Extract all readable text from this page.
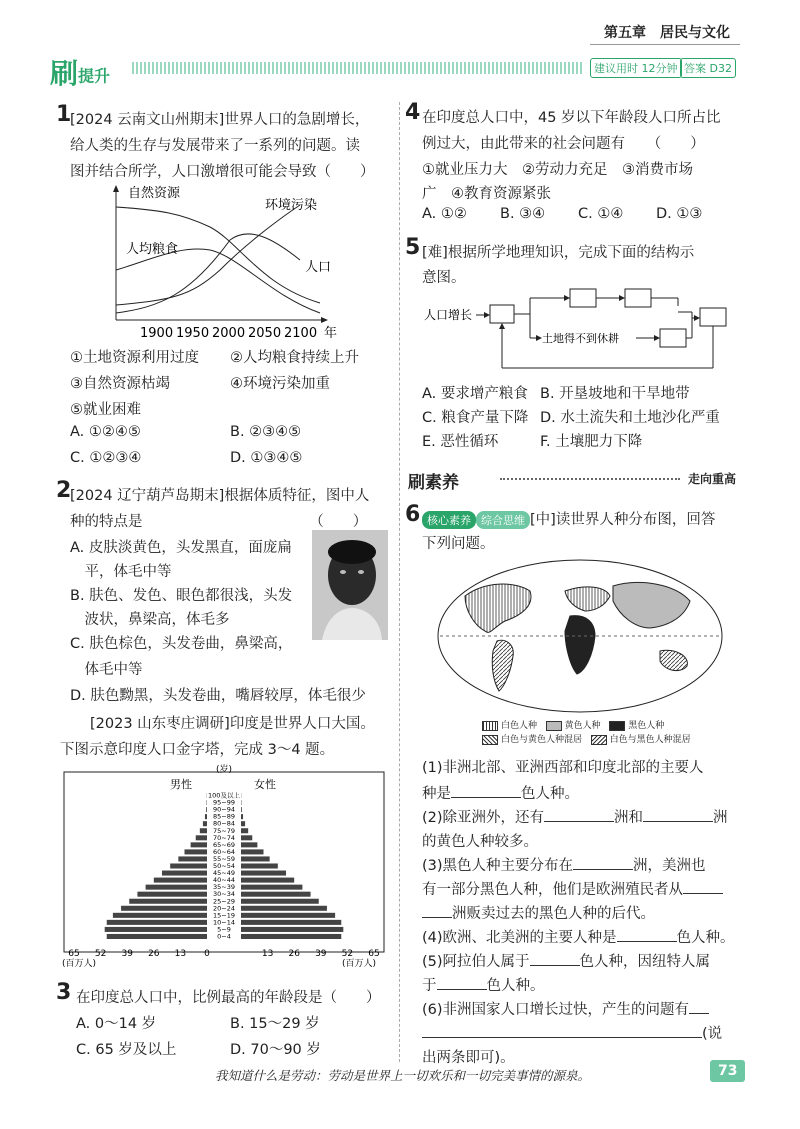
第五章　居民与文化
刷提升	建议用时 12分钟 答案 D32
1
[2024 云南文山州期末]世界人口的急剧增长，
给人类的生存与发展带来了一系列的问题。读
图并结合所学，人口激增很可能会导致（　　）
自然资源
人均粮食
环境污染
人口
1900 1950 2000 2050 2100 年
①土地资源利用过度 ②人均粮食持续上升
③自然资源枯竭	④环境污染加重
⑤就业困难
A. ①②④⑤	B. ②③④⑤
C. ①②③④	D. ①③④⑤
2
[2024 辽宁葫芦岛期末]根据体质特征，图中人
种的特点是　　　　　　　　　　　　（　　）
A. 皮肤淡黄色，头发黑直，面庞扁
　平，体毛中等
B. 肤色、发色、眼色都很浅，头发
　波状，鼻梁高，体毛多
C. 肤色棕色，头发卷曲，鼻梁高，
　体毛中等
D. 肤色黝黑，头发卷曲，嘴唇较厚，体毛很少
[2023 山东枣庄调研]印度是世界人口大国。
下图示意印度人口金字塔，完成 3～4 题。
(岁)
男性	女性
100及以上
95~99
90~94
85~89
80~84
75~79
70~74
65~69
60~64
55~59
50~54
45~49
40~44
35~39
30~34
25~29
20~24
15~19
10~14
5~9
0~4
65 52 39 26 13 0	13 26 39 52 65
(百万人)	(百万人)
3 在印度总人口中，比例最高的年龄段是（　　）
A. 0～14 岁	B. 15～29 岁
C. 65 岁及以上	D. 70～90 岁
4 在印度总人口中，45 岁以下年龄段人口所占比
例过大，由此带来的社会问题有　　（　　）
①就业压力大　②劳动力充足　③消费市场
广　④教育资源紧张
A. ①② B. ③④ C. ①④ D. ①③
5 [难]根据所学地理知识，完成下面的结构示
意图。
人口增长
土地得不到休耕
A. 要求增产粮食 B. 开垦坡地和干旱地带
C. 粮食产量下降 D. 水土流失和土地沙化严重
E. 恶性循环	F. 土壤肥力下降
刷素养	走向重高
6 核心素养 综合思维 [中]读世界人种分布图，回答
下列问题。
白色人种	黄色人种	黑色人种
白色与黄色人种混居	白色与黑色人种混居
(1)非洲北部、亚洲西部和印度北部的主要人
种是	色人种。
(2)除亚洲外，还有	洲和	洲
的黄色人种较多。
(3)黑色人种主要分布在	洲，美洲也
有一部分黑色人种，他们是欧洲殖民者从
洲贩卖过去的黑色人种的后代。
(4)欧洲、北美洲的主要人种是	色人种。
(5)阿拉伯人属于	色人种，因纽特人属
于	色人种。
(6)非洲国家人口增长过快，产生的问题有
(说
出两条即可)。
我知道什么是劳动：劳动是世界上一切欢乐和一切完美事情的源泉。	73
